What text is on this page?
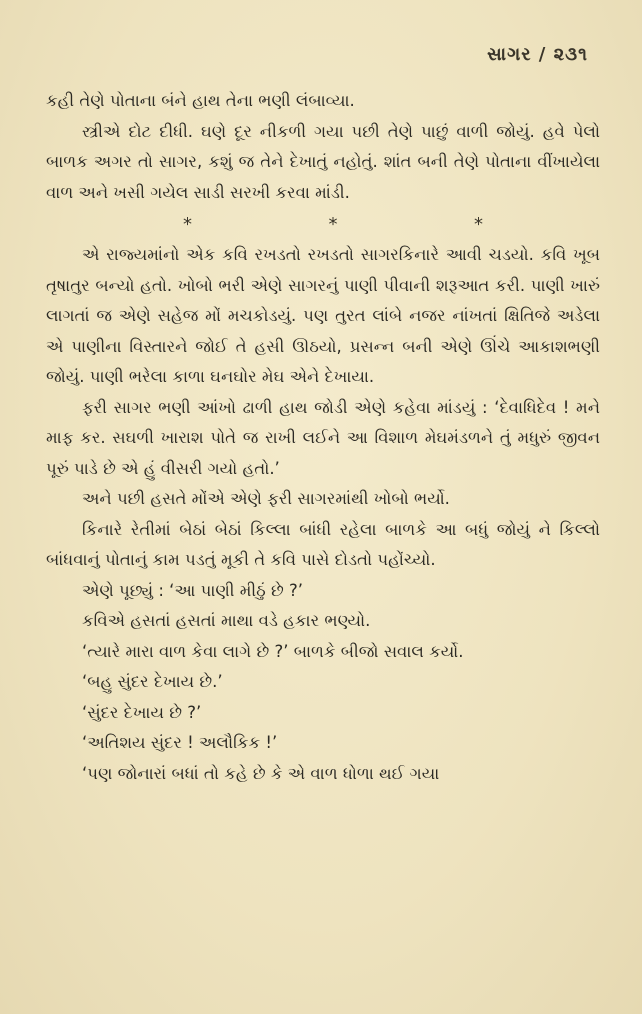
સાગર / ૨૩૧

કહી તેણે પોતાના બંને હાથ તેના ભણી લંબાવ્યા.

સ્ત્રીએ દોટ દીધી. ઘણે દૂર નીકળી ગયા પછી તેણે પાછું વાળી જોયું. હવે પેલો બાળક અગર તો સાગર, કશું જ તેને દેખાતું નહોતું. શાંત બની તેણે પોતાના વીંખાયેલા વાળ અને ખસી ગયેલ સાડી સરખી કરવા માંડી.

*	*	*

એ રાજ્યમાંનો એક કવિ રખડતો રખડતો સાગરકિનારે આવી ચડયો. કવિ ખૂબ તૃષાતુર બન્યો હતો. ખોબો ભરી એણે સાગરનું પાણી પીવાની શરૂઆત કરી. પાણી ખારું લાગતાં જ એણે સહેજ મોં મચકોડયું. પણ તુરત લાંબે નજર નાંખતાં ક્ષિતિજે અડેલા એ પાણીના વિસ્તારને જોઈ તે હસી ઊઠયો, પ્રસન્ન બની એણે ઊંચે આકાશભણી જોયું. પાણી ભરેલા કાળા ઘનઘોર મેઘ એને દેખાયા.

ફરી સાગર ભણી આંખો ઢાળી હાથ જોડી એણે કહેવા માંડયું : ‘દેવાધિદેવ ! મને માફ કર. સઘળી ખારાશ પોતે જ રાખી લઈને આ વિશાળ મેઘમંડળને તું મધુરું જીવન પૂરું પાડે છે એ હું વીસરી ગયો હતો.’

અને પછી હસતે મોંએ એણે ફરી સાગરમાંથી ખોબો ભર્યો.

કિનારે રેતીમાં બેઠાં બેઠાં કિલ્લા બાંધી રહેલા બાળકે આ બધું જોયું ને કિલ્લો બાંધવાનું પોતાનું કામ પડતું મૂકી તે કવિ પાસે દોડતો પહોંચ્યો.

એણે પૂછ્યું : ‘આ પાણી મીઠું છે ?’

કવિએ હસતાં હસતાં માથા વડે હકાર ભણ્યો.

‘ત્યારે મારા વાળ કેવા લાગે છે ?’ બાળકે બીજો સવાલ કર્યો.

‘બહુ સુંદર દેખાય છે.’

‘સુંદર દેખાય છે ?’

‘અતિશય સુંદર ! અલૌકિક !’

‘પણ જોનારાં બધાં તો કહે છે કે એ વાળ ધોળા થઈ ગયા
